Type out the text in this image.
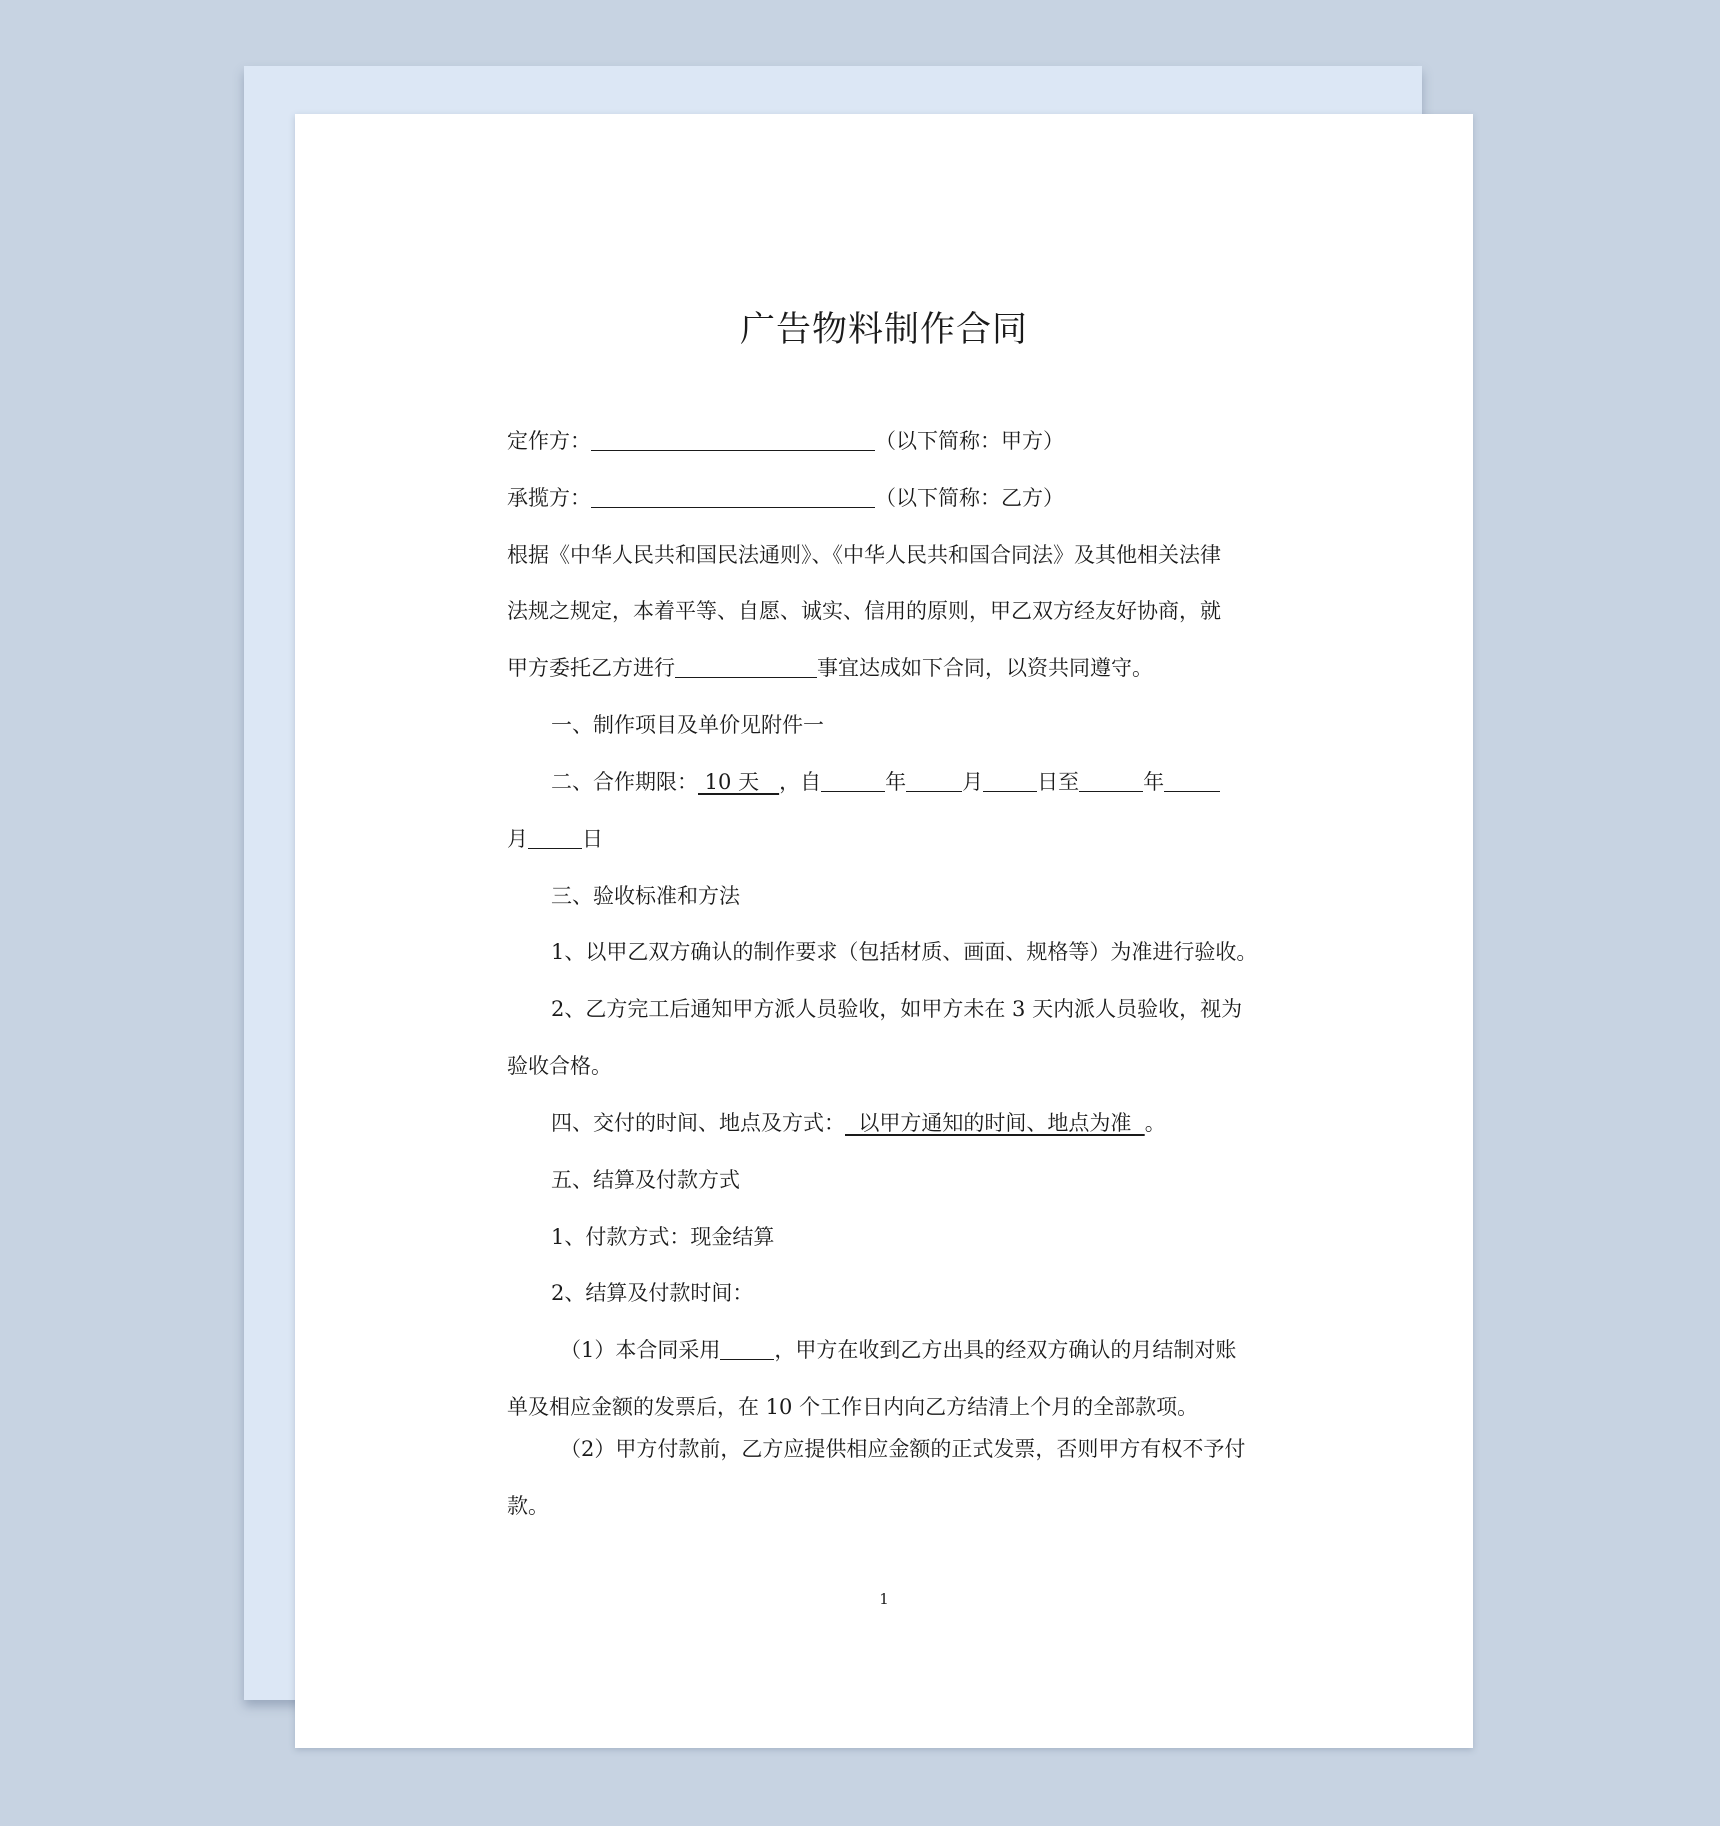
广告物料制作合同
定作方：	（以下简称：甲方）
承揽方：	（以下简称：乙方）
根据《中华人民共和国民法通则》、《中华人民共和国合同法》及其他相关法律
法规之规定，本着平等、自愿、诚实、信用的原则，甲乙双方经友好协商，就
甲方委托乙方进行	事宜达成如下合同，以资共同遵守。
一、制作项目及单价见附件一
二、合作期限： 10 天   ，自	年	月	日至	年
月	日
三、验收标准和方法
1、以甲乙双方确认的制作要求（包括材质、画面、规格等）为准进行验收。
2、乙方完工后通知甲方派人员验收，如甲方未在 3 天内派人员验收，视为
验收合格。
四、交付的时间、地点及方式：  以甲方通知的时间、地点为准  。
五、结算及付款方式
1、付款方式：现金结算
2、结算及付款时间：
（1）本合同采用	，甲方在收到乙方出具的经双方确认的月结制对账
单及相应金额的发票后，在 10 个工作日内向乙方结清上个月的全部款项。
（2）甲方付款前，乙方应提供相应金额的正式发票，否则甲方有权不予付
款。
1
